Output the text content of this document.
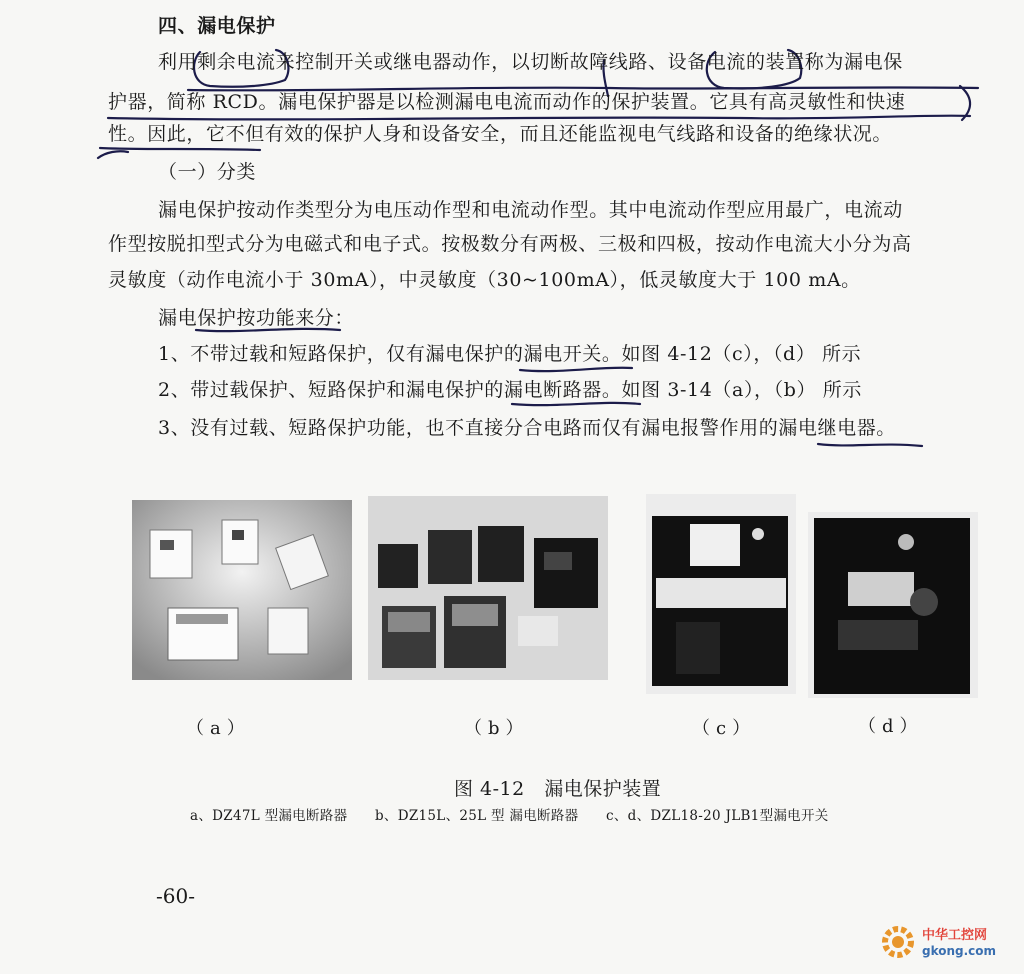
四、漏电保护
利用剩余电流来控制开关或继电器动作，以切断故障线路、设备电流的装置称为漏电保
护器，简称 RCD。漏电保护器是以检测漏电电流而动作的保护装置。它具有高灵敏性和快速
性。因此，它不但有效的保护人身和设备安全，而且还能监视电气线路和设备的绝缘状况。
（一）分类
漏电保护按动作类型分为电压动作型和电流动作型。其中电流动作型应用最广，电流动
作型按脱扣型式分为电磁式和电子式。按极数分有两极、三极和四极，按动作电流大小分为高
灵敏度（动作电流小于 30mA），中灵敏度（30~100mA），低灵敏度大于 100 mA。
漏电保护按功能来分：
1、不带过载和短路保护，仅有漏电保护的漏电开关。如图 4-12（c），（d） 所示
2、带过载保护、短路保护和漏电保护的漏电断路器。如图 3-14（a），（b） 所示
3、没有过载、短路保护功能，也不直接分合电路而仅有漏电报警作用的漏电继电器。
（a）	（b）	（c）	（d）
图 4-12　漏电保护装置
a、DZ47L 型漏电断路器　　b、DZ15L、25L 型 漏电断路器　　c、d、DZL18-20 JLB1型漏电开关
-60-
中华工控网
gkong.com
